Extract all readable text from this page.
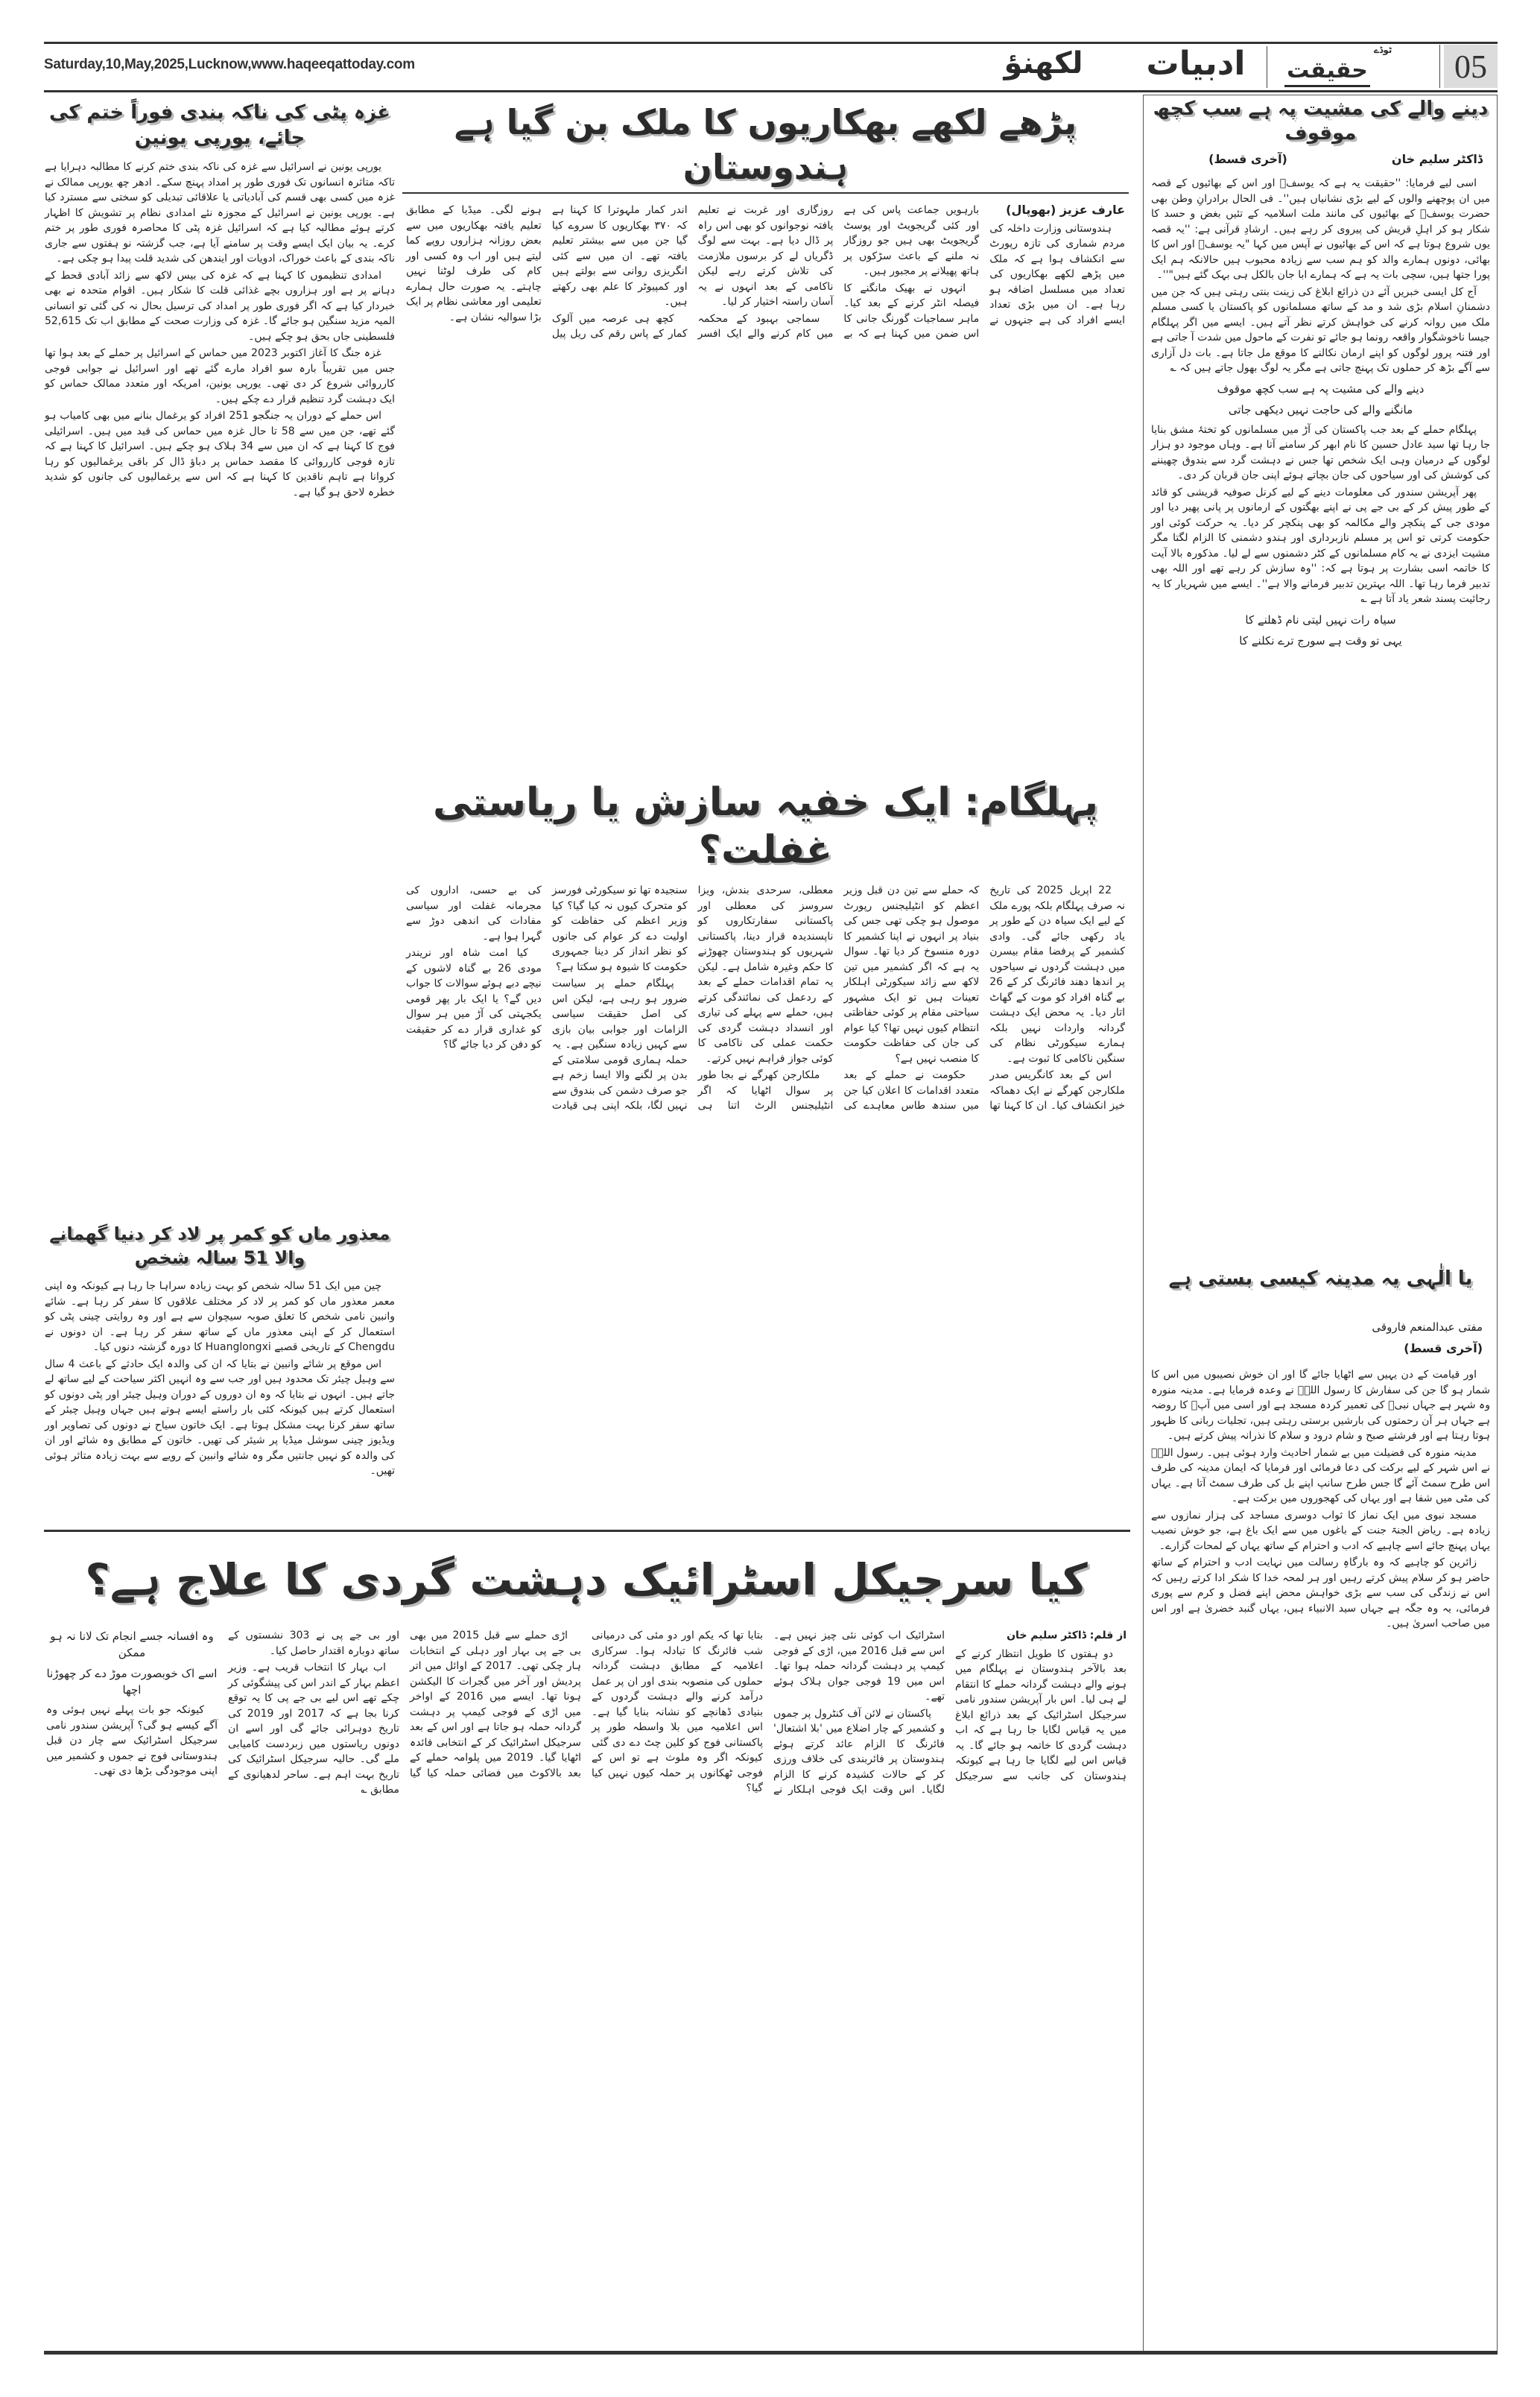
Saturday,10,May,2025,Lucknow,www.haqeeqattoday.com	لکھنؤ	ادبیات	ٹوڈے
حقیقت	05
غزہ پٹی کی ناکہ بندی فوراً ختم کی جائے، یورپی یونین

یورپی یونین نے اسرائیل سے غزہ کی ناکہ بندی ختم کرنے کا مطالبہ دہرایا ہے تاکہ متاثرہ انسانوں تک فوری طور پر امداد پہنچ سکے۔ ادھر چھ یورپی ممالک نے غزہ میں کسی بھی قسم کی آبادیاتی یا علاقائی تبدیلی کو سختی سے مسترد کیا ہے۔ یورپی یونین نے اسرائیل کے مجوزہ نئے امدادی نظام پر تشویش کا اظہار کرتے ہوئے مطالبہ کیا ہے کہ اسرائیل غزہ پٹی کا محاصرہ فوری طور پر ختم کرے۔ یہ بیان ایک ایسے وقت پر سامنے آیا ہے، جب گزشتہ نو ہفتوں سے جاری ناکہ بندی کے باعث خوراک، ادویات اور ایندھن کی شدید قلت پیدا ہو چکی ہے۔

امدادی تنظیموں کا کہنا ہے کہ غزہ کی بیس لاکھ سے زائد آبادی قحط کے دہانے پر ہے اور ہزاروں بچے غذائی قلت کا شکار ہیں۔ اقوام متحدہ نے بھی خبردار کیا ہے کہ اگر فوری طور پر امداد کی ترسیل بحال نہ کی گئی تو انسانی المیہ مزید سنگین ہو جائے گا۔ غزہ کی وزارت صحت کے مطابق اب تک 52,615 فلسطینی جاں بحق ہو چکے ہیں۔

غزہ جنگ کا آغاز اکتوبر 2023 میں حماس کے اسرائیل پر حملے کے بعد ہوا تھا جس میں تقریباً بارہ سو افراد مارے گئے تھے اور اسرائیل نے جوابی فوجی کارروائی شروع کر دی تھی۔ یورپی یونین، امریکہ اور متعدد ممالک حماس کو ایک دہشت گرد تنظیم قرار دے چکے ہیں۔

اس حملے کے دوران یہ جنگجو 251 افراد کو یرغمال بنانے میں بھی کامیاب ہو گئے تھے، جن میں سے 58 تا حال غزہ میں حماس کی قید میں ہیں۔ اسرائیلی فوج کا کہنا ہے کہ ان میں سے 34 ہلاک ہو چکے ہیں۔ اسرائیل کا کہنا ہے کہ تازہ فوجی کارروائی کا مقصد حماس پر دباؤ ڈال کر باقی یرغمالیوں کو رہا کروانا ہے تاہم ناقدین کا کہنا ہے کہ اس سے یرغمالیوں کی جانوں کو شدید خطرہ لاحق ہو گیا ہے۔

معذور ماں کو کمر پر لاد کر دنیا گھمانے والا 51 سالہ شخص

چین میں ایک 51 سالہ شخص کو بہت زیادہ سراہا جا رہا ہے کیونکہ وہ اپنی معمر معذور ماں کو کمر پر لاد کر مختلف علاقوں کا سفر کر رہا ہے۔ شائے وانبین نامی شخص کا تعلق صوبہ سیچوان سے ہے اور وہ روایتی چینی پٹی کو استعمال کر کے اپنی معذور ماں کے ساتھ سفر کر رہا ہے۔ ان دونوں نے Chengdu کے تاریخی قصبے Huanglongxi کا دورہ گزشتہ دنوں کیا۔

اس موقع پر شائے وانبین نے بتایا کہ ان کی والدہ ایک حادثے کے باعث 4 سال سے وہیل چیئر تک محدود ہیں اور جب سے وہ انہیں اکثر سیاحت کے لیے ساتھ لے جاتے ہیں۔ انہوں نے بتایا کہ وہ ان دوروں کے دوران وہیل چیئر اور پٹی دونوں کو استعمال کرتے ہیں کیونکہ کئی بار راستے ایسے ہوتے ہیں جہاں وہیل چیئر کے ساتھ سفر کرنا بہت مشکل ہوتا ہے۔ ایک خاتون سیاح نے دونوں کی تصاویر اور ویڈیوز چینی سوشل میڈیا پر شیئر کی تھیں۔ خاتون کے مطابق وہ شائے اور ان کی والدہ کو نہیں جانتیں مگر وہ شائے وانبین کے رویے سے بہت زیادہ متاثر ہوئی تھیں۔

پڑھے لکھے بھکاریوں کا ملک بن گیا ہے ہندوستان
عارف عزیز (بھوپال)

ہندوستانی وزارت داخلہ کی مردم شماری کی تازہ رپورٹ سے انکشاف ہوا ہے کہ ملک میں پڑھے لکھے بھکاریوں کی تعداد میں مسلسل اضافہ ہو رہا ہے۔ ان میں بڑی تعداد ایسے افراد کی ہے جنہوں نے بارہویں جماعت پاس کی ہے اور کئی گریجویٹ اور پوسٹ گریجویٹ بھی ہیں جو روزگار نہ ملنے کے باعث سڑکوں پر ہاتھ پھیلانے پر مجبور ہیں۔

انہوں نے بھیک مانگنے کا فیصلہ انٹر کرنے کے بعد کیا۔ ماہر سماجیات گورنگ جانی کا اس ضمن میں کہنا ہے کہ بے روزگاری اور غربت نے تعلیم یافتہ نوجوانوں کو بھی اس راہ پر ڈال دیا ہے۔ بہت سے لوگ ڈگریاں لے کر برسوں ملازمت کی تلاش کرتے رہے لیکن ناکامی کے بعد انہوں نے یہ آسان راستہ اختیار کر لیا۔

سماجی بہبود کے محکمہ میں کام کرنے والے ایک افسر اندر کمار ملہوترا کا کہنا ہے کہ ۳۷۰ بھکاریوں کا سروے کیا گیا جن میں سے بیشتر تعلیم یافتہ تھے۔ ان میں سے کئی انگریزی روانی سے بولتے ہیں اور کمپیوٹر کا علم بھی رکھتے ہیں۔

کچھ ہی عرصہ میں آلوک کمار کے پاس رقم کی ریل پیل ہونے لگی۔ میڈیا کے مطابق تعلیم یافتہ بھکاریوں میں سے بعض روزانہ ہزاروں روپے کما لیتے ہیں اور اب وہ کسی اور کام کی طرف لوٹنا نہیں چاہتے۔ یہ صورت حال ہمارے تعلیمی اور معاشی نظام پر ایک بڑا سوالیہ نشان ہے۔

پہلگام: ایک خفیہ سازش یا ریاستی غفلت؟

22 اپریل 2025 کی تاریخ نہ صرف پہلگام بلکہ پورے ملک کے لیے ایک سیاہ دن کے طور پر یاد رکھی جائے گی۔ وادی کشمیر کے پرفضا مقام بیسرن میں دہشت گردوں نے سیاحوں پر اندھا دھند فائرنگ کر کے 26 بے گناہ افراد کو موت کے گھاٹ اتار دیا۔ یہ محض ایک دہشت گردانہ واردات نہیں بلکہ ہمارے سیکورٹی نظام کی سنگین ناکامی کا ثبوت ہے۔

اس کے بعد کانگریس صدر ملکارجن کھرگے نے ایک دھماکہ خیز انکشاف کیا۔ ان کا کہنا تھا کہ حملے سے تین دن قبل وزیر اعظم کو انٹیلیجنس رپورٹ موصول ہو چکی تھی جس کی بنیاد پر انہوں نے اپنا کشمیر کا دورہ منسوخ کر دیا تھا۔ سوال یہ ہے کہ اگر کشمیر میں تین لاکھ سے زائد سیکورٹی اہلکار تعینات ہیں تو ایک مشہور سیاحتی مقام پر کوئی حفاظتی انتظام کیوں نہیں تھا؟ کیا عوام کی جان کی حفاظت حکومت کا منصب نہیں ہے؟

حکومت نے حملے کے بعد متعدد اقدامات کا اعلان کیا جن میں سندھ طاس معاہدے کی معطلی، سرحدی بندش، ویزا سروسز کی معطلی اور پاکستانی سفارتکاروں کو ناپسندیدہ قرار دینا، پاکستانی شہریوں کو ہندوستان چھوڑنے کا حکم وغیرہ شامل ہے۔ لیکن یہ تمام اقدامات حملے کے بعد کے ردعمل کی نمائندگی کرتے ہیں، حملے سے پہلے کی تیاری اور انسداد دہشت گردی کی حکمت عملی کی ناکامی کا کوئی جواز فراہم نہیں کرتے۔

ملکارجن کھرگے نے بجا طور پر سوال اٹھایا کہ اگر انٹیلیجنس الرٹ اتنا ہی سنجیدہ تھا تو سیکورٹی فورسز کو متحرک کیوں نہ کیا گیا؟ کیا وزیر اعظم کی حفاظت کو اولیت دے کر عوام کی جانوں کو نظر انداز کر دینا جمہوری حکومت کا شیوہ ہو سکتا ہے؟

پہلگام حملے پر سیاست ضرور ہو رہی ہے، لیکن اس کی اصل حقیقت سیاسی الزامات اور جوابی بیان بازی سے کہیں زیادہ سنگین ہے۔ یہ حملہ ہماری قومی سلامتی کے بدن پر لگنے والا ایسا زخم ہے جو صرف دشمن کی بندوق سے نہیں لگا، بلکہ اپنی ہی قیادت کی بے حسی، اداروں کی مجرمانہ غفلت اور سیاسی مفادات کی اندھی دوڑ سے گہرا ہوا ہے۔

کیا امت شاہ اور نریندر مودی 26 بے گناہ لاشوں کے نیچے دبے ہوئے سوالات کا جواب دیں گے؟ یا ایک بار پھر قومی یکجہتی کی آڑ میں ہر سوال کو غداری قرار دے کر حقیقت کو دفن کر دیا جائے گا؟

کیا سرجیکل اسٹرائیک دہشت گردی کا علاج ہے؟
از قلم: ڈاکٹر سلیم خان

دو ہفتوں کا طویل انتظار کرنے کے بعد بالآخر ہندوستان نے پہلگام میں ہونے والے دہشت گردانہ حملے کا انتقام لے ہی لیا۔ اس بار آپریشن سندور نامی سرجیکل اسٹرائیک کے بعد ذرائع ابلاغ میں یہ قیاس لگایا جا رہا ہے کہ اب دہشت گردی کا خاتمہ ہو جائے گا۔ یہ قیاس اس لیے لگایا جا رہا ہے کیونکہ ہندوستان کی جانب سے سرجیکل اسٹرائیک اب کوئی نئی چیز نہیں ہے۔ اس سے قبل 2016 میں، اڑی کے فوجی کیمپ پر دہشت گردانہ حملہ ہوا تھا۔ اس میں 19 فوجی جوان ہلاک ہوئے تھے۔

پاکستان نے لائن آف کنٹرول پر جموں و کشمیر کے چار اضلاع میں 'بلا اشتعال' فائرنگ کا الزام عائد کرتے ہوئے ہندوستان پر فائربندی کی خلاف ورزی کر کے حالات کشیدہ کرنے کا الزام لگایا۔ اس وقت ایک فوجی اہلکار نے بتایا تھا کہ یکم اور دو مئی کی درمیانی شب فائرنگ کا تبادلہ ہوا۔ سرکاری اعلامیہ کے مطابق دہشت گردانہ حملوں کی منصوبہ بندی اور ان پر عمل درآمد کرنے والے دہشت گردوں کے بنیادی ڈھانچے کو نشانہ بنایا گیا ہے۔ اس اعلامیہ میں بلا واسطہ طور پر پاکستانی فوج کو کلین چٹ دے دی گئی کیونکہ اگر وہ ملوث ہے تو اس کے فوجی ٹھکانوں پر حملہ کیوں نہیں کیا گیا؟

اڑی حملے سے قبل 2015 میں بھی بی جے پی بہار اور دہلی کے انتخابات ہار چکی تھی۔ 2017 کے اوائل میں اتر پردیش اور آخر میں گجرات کا الیکشن ہونا تھا۔ ایسے میں 2016 کے اواخر میں اڑی کے فوجی کیمپ پر دہشت گردانہ حملہ ہو جاتا ہے اور اس کے بعد سرجیکل اسٹرائیک کر کے انتخابی فائدہ اٹھایا گیا۔ 2019 میں پلوامہ حملے کے بعد بالاکوٹ میں فضائی حملہ کیا گیا اور بی جے پی نے 303 نشستوں کے ساتھ دوبارہ اقتدار حاصل کیا۔

اب بہار کا انتخاب قریب ہے۔ وزیر اعظم بہار کے اندر اس کی پیشگوئی کر چکے تھے اس لیے بی جے پی کا یہ توقع کرنا بجا ہے کہ 2017 اور 2019 کی تاریخ دوہرائی جائے گی اور اسے ان دونوں ریاستوں میں زبردست کامیابی ملے گی۔ حالیہ سرجیکل اسٹرائیک کی تاریخ بہت اہم ہے۔ ساحر لدھیانوی کے مطابق ؎

وہ افسانہ جسے انجام تک لانا نہ ہو ممکن
اسے اک خوبصورت موڑ دے کر چھوڑنا اچھا

کیونکہ جو بات پہلے نہیں ہوئی وہ آگے کیسے ہو گی؟ آپریشن سندور نامی سرجیکل اسٹرائیک سے چار دن قبل ہندوستانی فوج نے جموں و کشمیر میں اپنی موجودگی بڑھا دی تھی۔

دینے والے کی مشیت پہ ہے سب کچھ موقوف
ڈاکٹر سلیم خان
(آخری قسط)

اسی لیے فرمایا: ''حقیقت یہ ہے کہ یوسفؑ اور اس کے بھائیوں کے قصہ میں ان پوچھنے والوں کے لیے بڑی نشانیاں ہیں''۔ فی الحال برادرانِ وطن بھی حضرت یوسفؑ کے بھائیوں کی مانند ملت اسلامیہ کے تئیں بغض و حسد کا شکار ہو کر اہلِ قریش کی پیروی کر رہے ہیں۔ ارشادِ قرآنی ہے: ''یہ قصہ یوں شروع ہوتا ہے کہ اس کے بھائیوں نے آپس میں کہا "یہ یوسفؑ اور اس کا بھائی، دونوں ہمارے والد کو ہم سب سے زیادہ محبوب ہیں حالانکہ ہم ایک پورا جتھا ہیں، سچی بات یہ ہے کہ ہمارے ابا جان بالکل ہی بہک گئے ہیں"''۔

آج کل ایسی خبریں آئے دن ذرائع ابلاغ کی زینت بنتی رہتی ہیں کہ جن میں دشمنانِ اسلام بڑی شد و مد کے ساتھ مسلمانوں کو پاکستان یا کسی مسلم ملک میں روانہ کرنے کی خواہش کرتے نظر آتے ہیں۔ ایسے میں اگر پہلگام جیسا ناخوشگوار واقعہ رونما ہو جائے تو نفرت کے ماحول میں شدت آ جاتی ہے اور فتنہ پرور لوگوں کو اپنے ارمان نکالنے کا موقع مل جاتا ہے۔ بات دل آزاری سے آگے بڑھ کر حملوں تک پہنچ جاتی ہے مگر یہ لوگ بھول جاتے ہیں کہ ؎

دینے والے کی مشیت پہ ہے سب کچھ موقوف
مانگنے والے کی حاجت نہیں دیکھی جاتی

پہلگام حملے کے بعد جب پاکستان کی آڑ میں مسلمانوں کو تختۂ مشق بنایا جا رہا تھا سید عادل حسین کا نام ابھر کر سامنے آتا ہے۔ وہاں موجود دو ہزار لوگوں کے درمیان وہی ایک شخص تھا جس نے دہشت گرد سے بندوق چھیننے کی کوشش کی اور سیاحوں کی جان بچاتے ہوئے اپنی جان قربان کر دی۔

پھر آپریشن سندور کی معلومات دینے کے لیے کرنل صوفیہ قریشی کو قائد کے طور پیش کر کے بی جے پی نے اپنے بھگتوں کے ارمانوں پر پانی پھیر دیا اور مودی جی کے پنکچر والے مکالمہ کو بھی پنکچر کر دیا۔ یہ حرکت کوئی اور حکومت کرتی تو اس پر مسلم نازبرداری اور ہندو دشمنی کا الزام لگتا مگر مشیت ایزدی نے یہ کام مسلمانوں کے کٹر دشمنوں سے لے لیا۔ مذکورہ بالا آیت کا خاتمہ اسی بشارت پر ہوتا ہے کہ: ''وہ سازش کر رہے تھے اور اللہ بھی تدبیر فرما رہا تھا۔ اللہ بہترین تدبیر فرمانے والا ہے''۔ ایسے میں شہریار کا یہ رجائیت پسند شعر یاد آتا ہے ؎

سیاہ رات نہیں لیتی نام ڈھلنے کا
یہی تو وقت ہے سورج ترے نکلنے کا
یا الٰہی یہ مدینہ کیسی بستی ہے
مفتی عبدالمنعم فاروقی
(آخری قسط)

اور قیامت کے دن یہیں سے اٹھایا جائے گا اور ان خوش نصیبوں میں اس کا شمار ہو گا جن کی سفارش کا رسول اللہؐ نے وعدہ فرمایا ہے۔ مدینہ منورہ وہ شہر ہے جہاں نبیؐ کی تعمیر کردہ مسجد ہے اور اسی میں آپؐ کا روضہ ہے جہاں ہر آن رحمتوں کی بارشیں برستی رہتی ہیں، تجلیات ربانی کا ظہور ہوتا رہتا ہے اور فرشتے صبح و شام درود و سلام کا نذرانہ پیش کرتے ہیں۔

مدینہ منورہ کی فضیلت میں بے شمار احادیث وارد ہوئی ہیں۔ رسول اللہؐ نے اس شہر کے لیے برکت کی دعا فرمائی اور فرمایا کہ ایمان مدینہ کی طرف اس طرح سمٹ آئے گا جس طرح سانپ اپنے بل کی طرف سمٹ آتا ہے۔ یہاں کی مٹی میں شفا ہے اور یہاں کی کھجوروں میں برکت ہے۔

مسجد نبوی میں ایک نماز کا ثواب دوسری مساجد کی ہزار نمازوں سے زیادہ ہے۔ ریاض الجنۃ جنت کے باغوں میں سے ایک باغ ہے، جو خوش نصیب یہاں پہنچ جائے اسے چاہیے کہ ادب و احترام کے ساتھ یہاں کے لمحات گزارے۔

زائرین کو چاہیے کہ وہ بارگاہِ رسالت میں نہایت ادب و احترام کے ساتھ حاضر ہو کر سلام پیش کرتے رہیں اور ہر لمحہ خدا کا شکر ادا کرتے رہیں کہ اس نے زندگی کی سب سے بڑی خواہش محض اپنے فضل و کرم سے پوری فرمائی، یہ وہ جگہ ہے جہاں سید الانبیاء ہیں، یہاں گنبد خضریٰ ہے اور اس میں صاحب اسریٰ ہیں۔
